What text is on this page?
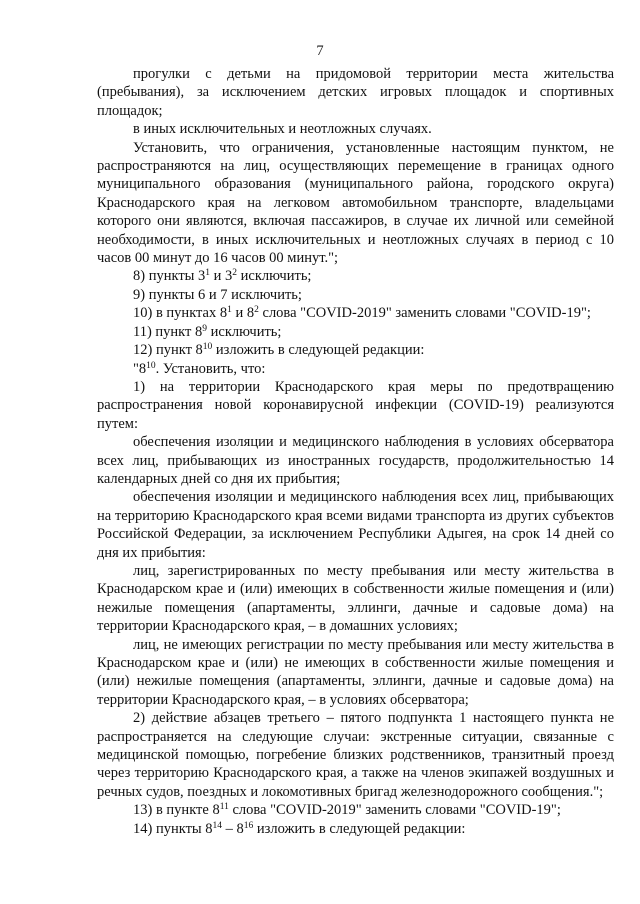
7

прогулки с детьми на придомовой территории места жительства (пребывания), за исключением детских игровых площадок и спортивных площадок;

в иных исключительных и неотложных случаях.

Установить, что ограничения, установленные настоящим пунктом, не распространяются на лиц, осуществляющих перемещение в границах одного муниципального образования (муниципального района, городского округа) Краснодарского края на легковом автомобильном транспорте, владельцами которого они являются, включая пассажиров, в случае их личной или семейной необходимости, в иных исключительных и неотложных случаях в период с 10 часов 00 минут до 16 часов 00 минут.";

8) пункты $3^1$ и $3^2$ исключить;

9) пункты 6 и 7 исключить;

10) в пунктах $8^1$ и $8^2$ слова "COVID-2019" заменить словами "COVID-19";

11) пункт $8^9$ исключить;

12) пункт $8^{10}$ изложить в следующей редакции:

"$8^{10}$. Установить, что:

1) на территории Краснодарского края меры по предотвращению распространения новой коронавирусной инфекции (COVID-19) реализуются путем:

обеспечения изоляции и медицинского наблюдения в условиях обсерватора всех лиц, прибывающих из иностранных государств, продолжительностью 14 календарных дней со дня их прибытия;

обеспечения изоляции и медицинского наблюдения всех лиц, прибывающих на территорию Краснодарского края всеми видами транспорта из других субъектов Российской Федерации, за исключением Республики Адыгея, на срок 14 дней со дня их прибытия:

лиц, зарегистрированных по месту пребывания или месту жительства в Краснодарском крае и (или) имеющих в собственности жилые помещения и (или) нежилые помещения (апартаменты, эллинги, дачные и садовые дома) на территории Краснодарского края, – в домашних условиях;

лиц, не имеющих регистрации по месту пребывания или месту жительства в Краснодарском крае и (или) не имеющих в собственности жилые помещения и (или) нежилые помещения (апартаменты, эллинги, дачные и садовые дома) на территории Краснодарского края, – в условиях обсерватора;

2) действие абзацев третьего – пятого подпункта 1 настоящего пункта не распространяется на следующие случаи: экстренные ситуации, связанные с медицинской помощью, погребение близких родственников, транзитный проезд через территорию Краснодарского края, а также на членов экипажей воздушных и речных судов, поездных и локомотивных бригад железнодорожного сообщения.";

13) в пункте $8^{11}$ слова "COVID-2019" заменить словами "COVID-19";

14) пункты $8^{14} - 8^{16}$ изложить в следующей редакции:
